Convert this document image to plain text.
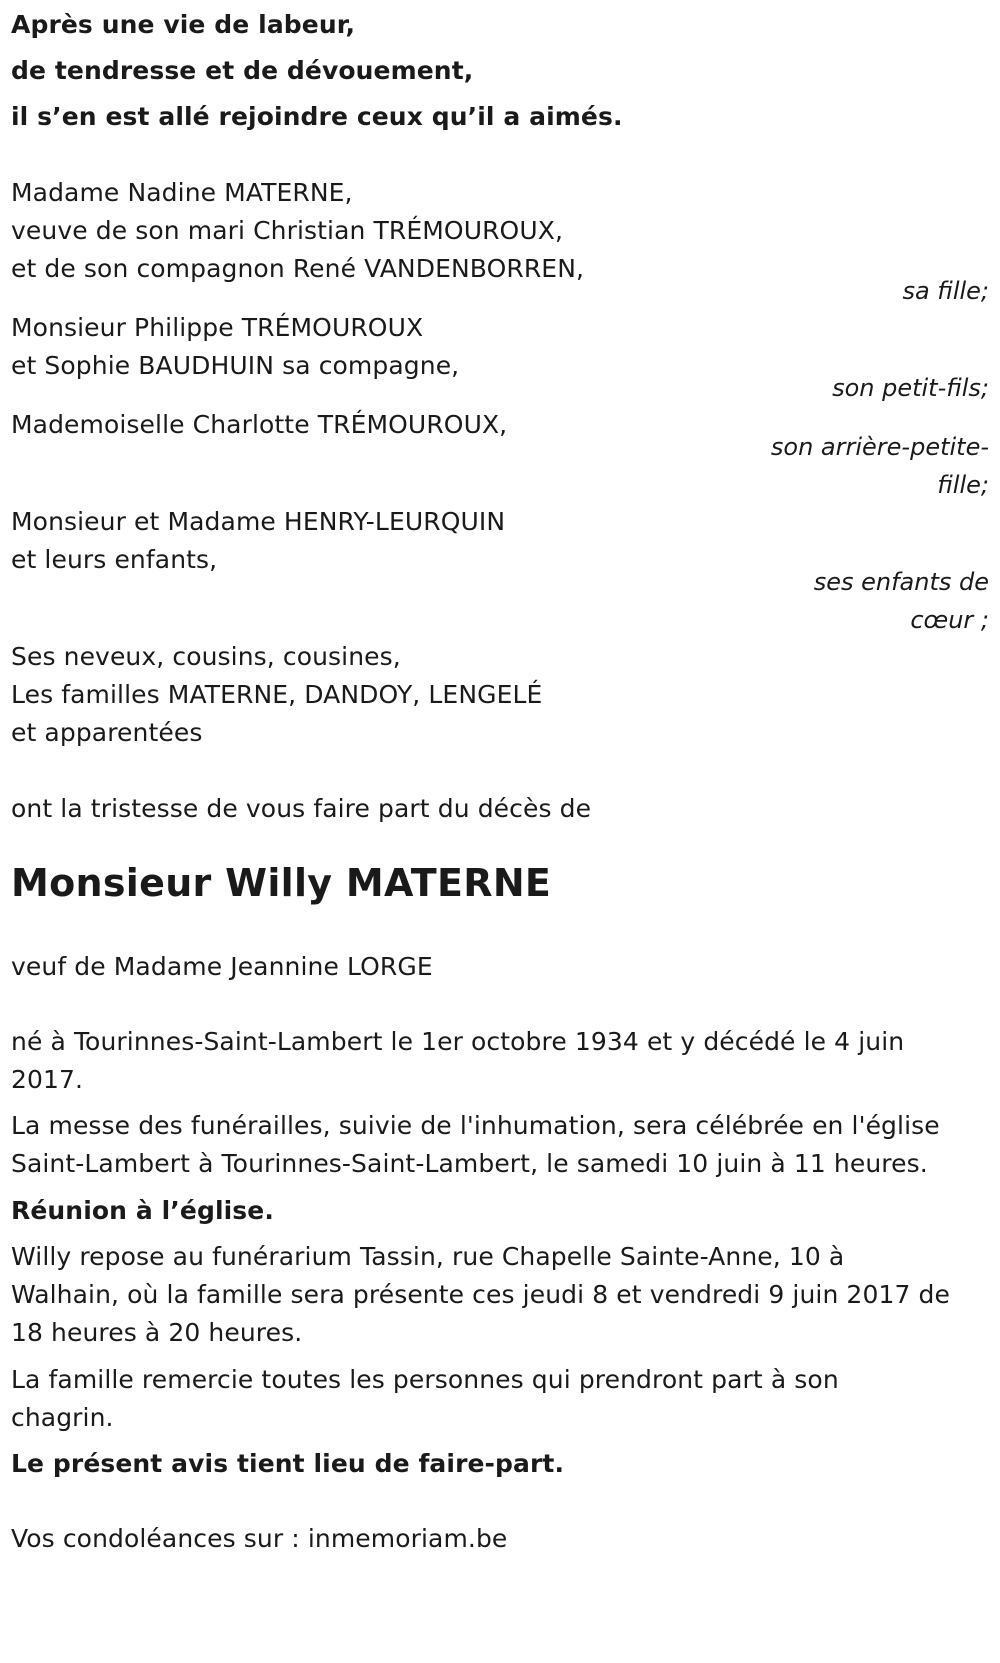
Après une vie de labeur,
de tendresse et de dévouement,
il s’en est allé rejoindre ceux qu’il a aimés.
Madame Nadine MATERNE,
veuve de son mari Christian TRÉMOUROUX,
et de son compagnon René VANDENBORREN,
sa fille;
Monsieur Philippe TRÉMOUROUX
et Sophie BAUDHUIN sa compagne,
son petit-fils;
Mademoiselle Charlotte TRÉMOUROUX,
son arrière-petite-
fille;
Monsieur et Madame HENRY-LEURQUIN
et leurs enfants,
ses enfants de
cœur ;
Ses neveux, cousins, cousines,
Les familles MATERNE, DANDOY, LENGELÉ
et apparentées
ont la tristesse de vous faire part du décès de
Monsieur Willy MATERNE
veuf de Madame Jeannine LORGE
né à Tourinnes-Saint-Lambert le 1er octobre 1934 et y décédé le 4 juin
2017.
La messe des funérailles, suivie de l'inhumation, sera célébrée en l'église
Saint-Lambert à Tourinnes-Saint-Lambert, le samedi 10 juin à 11 heures.
Réunion à l’église.
Willy repose au funérarium Tassin, rue Chapelle Sainte-Anne, 10 à
Walhain, où la famille sera présente ces jeudi 8 et vendredi 9 juin 2017 de
18 heures à 20 heures.
La famille remercie toutes les personnes qui prendront part à son
chagrin.
Le présent avis tient lieu de faire-part.
Vos condoléances sur : inmemoriam.be
